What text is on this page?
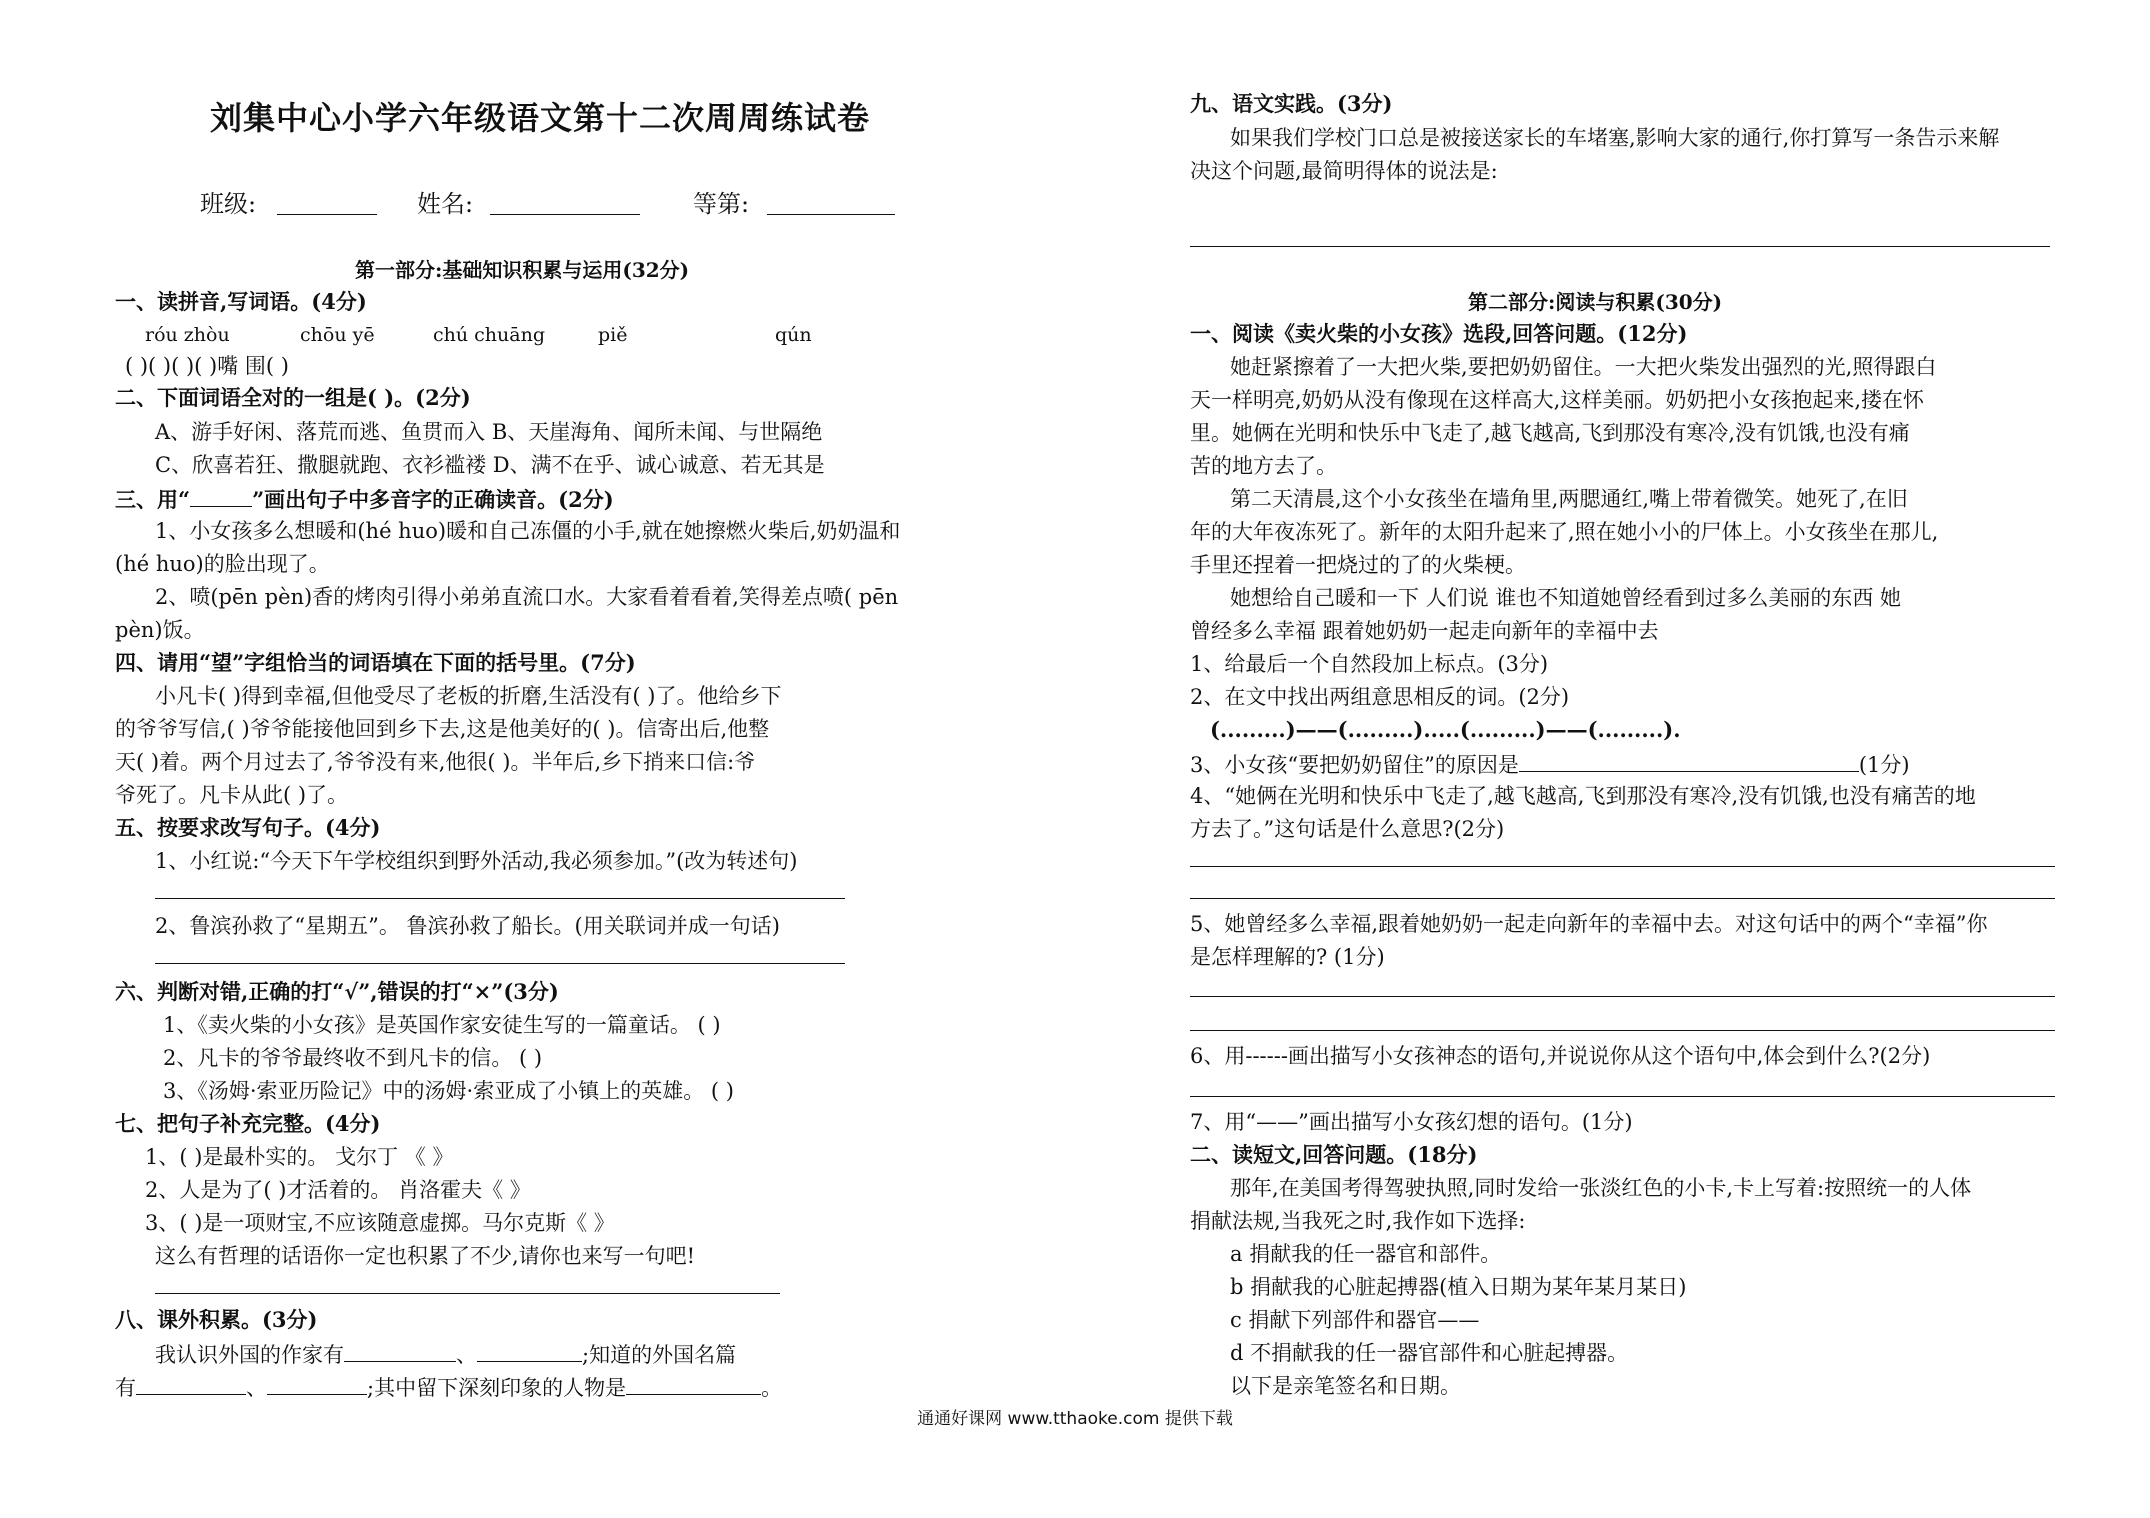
刘集中心小学六年级语文第十二次周周练试卷
班级:	姓名:	等第:
第一部分:基础知识积累与运用(32分)
一、读拼音,写词语。(4分)
róu zhòu	chōu yē	chú chuāng	piě	qún
( )( )( )( )嘴 围( )
二、下面词语全对的一组是( )。(2分)
A、游手好闲、落荒而逃、鱼贯而入 B、天崖海角、闻所未闻、与世隔绝
C、欣喜若狂、撒腿就跑、衣衫褴褛 D、满不在乎、诚心诚意、若无其是
三、用“	”画出句子中多音字的正确读音。(2分)
1、小女孩多么想暖和(hé huo)暖和自己冻僵的小手,就在她擦燃火柴后,奶奶温和
(hé huo)的脸出现了。
2、喷(pēn pèn)香的烤肉引得小弟弟直流口水。大家看着看着,笑得差点喷( pēn
pèn)饭。
四、请用“望”字组恰当的词语填在下面的括号里。(7分)
小凡卡( )得到幸福,但他受尽了老板的折磨,生活没有( )了。他给乡下
的爷爷写信,( )爷爷能接他回到乡下去,这是他美好的( )。信寄出后,他整
天( )着。两个月过去了,爷爷没有来,他很( )。半年后,乡下捎来口信:爷
爷死了。凡卡从此( )了。
五、按要求改写句子。(4分)
1、小红说:“今天下午学校组织到野外活动,我必须参加。”(改为转述句)
2、鲁滨孙救了“星期五”。 鲁滨孙救了船长。(用关联词并成一句话)
六、判断对错,正确的打“√”,错误的打“×”(3分)
1、《卖火柴的小女孩》是英国作家安徒生写的一篇童话。 ( )
2、凡卡的爷爷最终收不到凡卡的信。 ( )
3、《汤姆·索亚历险记》中的汤姆·索亚成了小镇上的英雄。 ( )
七、把句子补充完整。(4分)
1、( )是最朴实的。 戈尔丁 《 》
2、人是为了( )才活着的。 肖洛霍夫《 》
3、( )是一项财宝,不应该随意虚掷。马尔克斯《 》
这么有哲理的话语你一定也积累了不少,请你也来写一句吧!
八、课外积累。(3分)
我认识外国的作家有	、	;知道的外国名篇
有	、	;其中留下深刻印象的人物是	。
九、语文实践。(3分)
如果我们学校门口总是被接送家长的车堵塞,影响大家的通行,你打算写一条告示来解
决这个问题,最简明得体的说法是:
第二部分:阅读与积累(30分)
一、阅读《卖火柴的小女孩》选段,回答问题。(12分)
她赶紧擦着了一大把火柴,要把奶奶留住。一大把火柴发出强烈的光,照得跟白
天一样明亮,奶奶从没有像现在这样高大,这样美丽。奶奶把小女孩抱起来,搂在怀
里。她俩在光明和快乐中飞走了,越飞越高,飞到那没有寒冷,没有饥饿,也没有痛
苦的地方去了。
第二天清晨,这个小女孩坐在墙角里,两腮通红,嘴上带着微笑。她死了,在旧
年的大年夜冻死了。新年的太阳升起来了,照在她小小的尸体上。小女孩坐在那儿,
手里还捏着一把烧过的了的火柴梗。
她想给自己暖和一下 人们说 谁也不知道她曾经看到过多么美丽的东西 她
曾经多么幸福 跟着她奶奶一起走向新年的幸福中去
1、给最后一个自然段加上标点。(3分)
2、在文中找出两组意思相反的词。(2分)
(.........)——(.........).....(.........)——(.........).
3、小女孩“要把奶奶留住”的原因是	(1分)
4、“她俩在光明和快乐中飞走了,越飞越高,飞到那没有寒冷,没有饥饿,也没有痛苦的地
方去了。”这句话是什么意思?(2分)
5、她曾经多么幸福,跟着她奶奶一起走向新年的幸福中去。对这句话中的两个“幸福”你
是怎样理解的? (1分)
6、用------画出描写小女孩神态的语句,并说说你从这个语句中,体会到什么?(2分)
7、用“——”画出描写小女孩幻想的语句。(1分)
二、读短文,回答问题。(18分)
那年,在美国考得驾驶执照,同时发给一张淡红色的小卡,卡上写着:按照统一的人体
捐献法规,当我死之时,我作如下选择:
a 捐献我的任一器官和部件。
b 捐献我的心脏起搏器(植入日期为某年某月某日)
c 捐献下列部件和器官——
d 不捐献我的任一器官部件和心脏起搏器。
以下是亲笔签名和日期。
通通好课网 www.tthaoke.com 提供下载
